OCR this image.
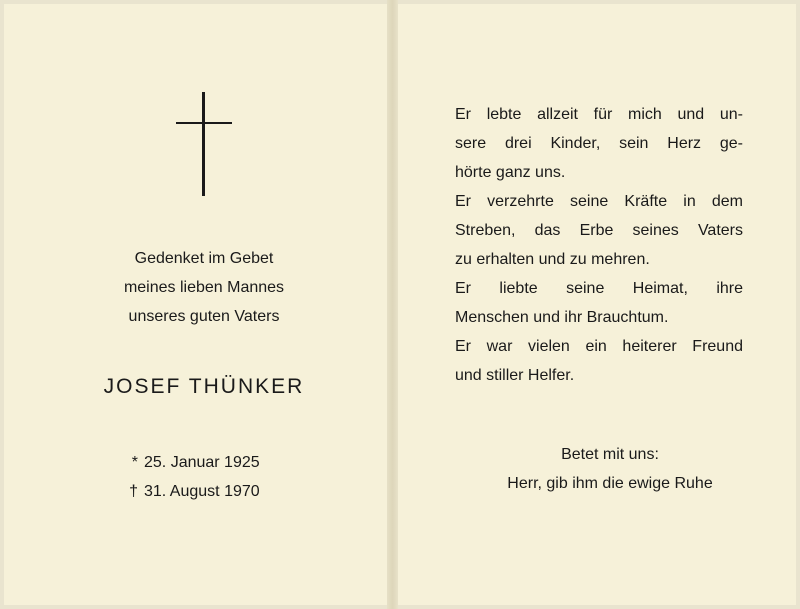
Gedenket im Gebet
meines lieben Mannes
unseres guten Vaters
JOSEF THÜNKER
* 25. Januar 1925
† 31. August 1970
Er lebte allzeit für mich und un-
sere drei Kinder, sein Herz ge-
hörte ganz uns.
Er verzehrte seine Kräfte in dem
Streben, das Erbe seines Vaters
zu erhalten und zu mehren.
Er liebte seine Heimat, ihre
Menschen und ihr Brauchtum.
Er war vielen ein heiterer Freund
und stiller Helfer.
Betet mit uns:
Herr, gib ihm die ewige Ruhe
